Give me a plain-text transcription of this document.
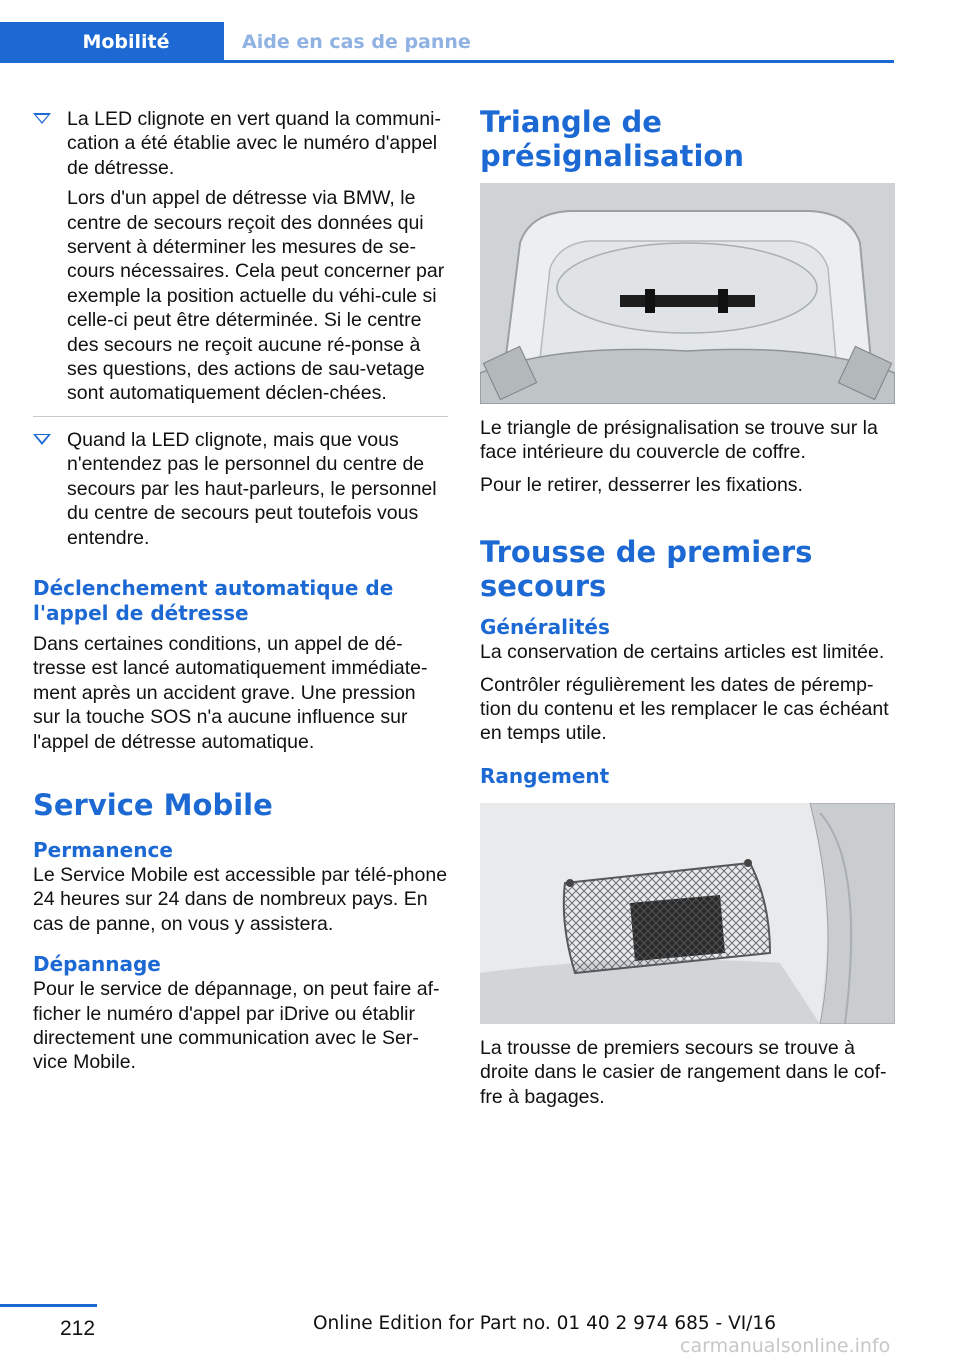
Mobilité	Aide en cas de panne

La LED clignote en vert quand la communi‐cation a été établie avec le numéro d'appel de détresse.

Lors d'un appel de détresse via BMW, le centre de secours reçoit des données qui servent à déterminer les mesures de se‐cours nécessaires. Cela peut concerner par exemple la position actuelle du véhi‐cule si celle-ci peut être déterminée. Si le centre des secours ne reçoit aucune ré‐ponse à ses questions, des actions de sau‐vetage sont automatiquement déclen‐chées.

Quand la LED clignote, mais que vous n'entendez pas le personnel du centre de secours par les haut-parleurs, le personnel du centre de secours peut toutefois vous entendre.

Déclenchement automatique de l'appel de détresse

Dans certaines conditions, un appel de dé‐tresse est lancé automatiquement immédiate‐ment après un accident grave. Une pression sur la touche SOS n'a aucune influence sur l'appel de détresse automatique.

Service Mobile
Permanence

Le Service Mobile est accessible par télé‐phone 24 heures sur 24 dans de nombreux pays. En cas de panne, on vous y assistera.

Dépannage

Pour le service de dépannage, on peut faire af‐ficher le numéro d'appel par iDrive ou établir directement une communication avec le Ser‐vice Mobile.

Triangle de présignalisation

Le triangle de présignalisation se trouve sur la face intérieure du couvercle de coffre.

Pour le retirer, desserrer les fixations.

Trousse de premiers secours
Généralités

La conservation de certains articles est limitée.

Contrôler régulièrement les dates de péremp‐tion du contenu et les remplacer le cas échéant en temps utile.

Rangement

La trousse de premiers secours se trouve à droite dans le casier de rangement dans le cof‐fre à bagages.

212	Online Edition for Part no. 01 40 2 974 685 - VI/16
carmanualsonline.info
